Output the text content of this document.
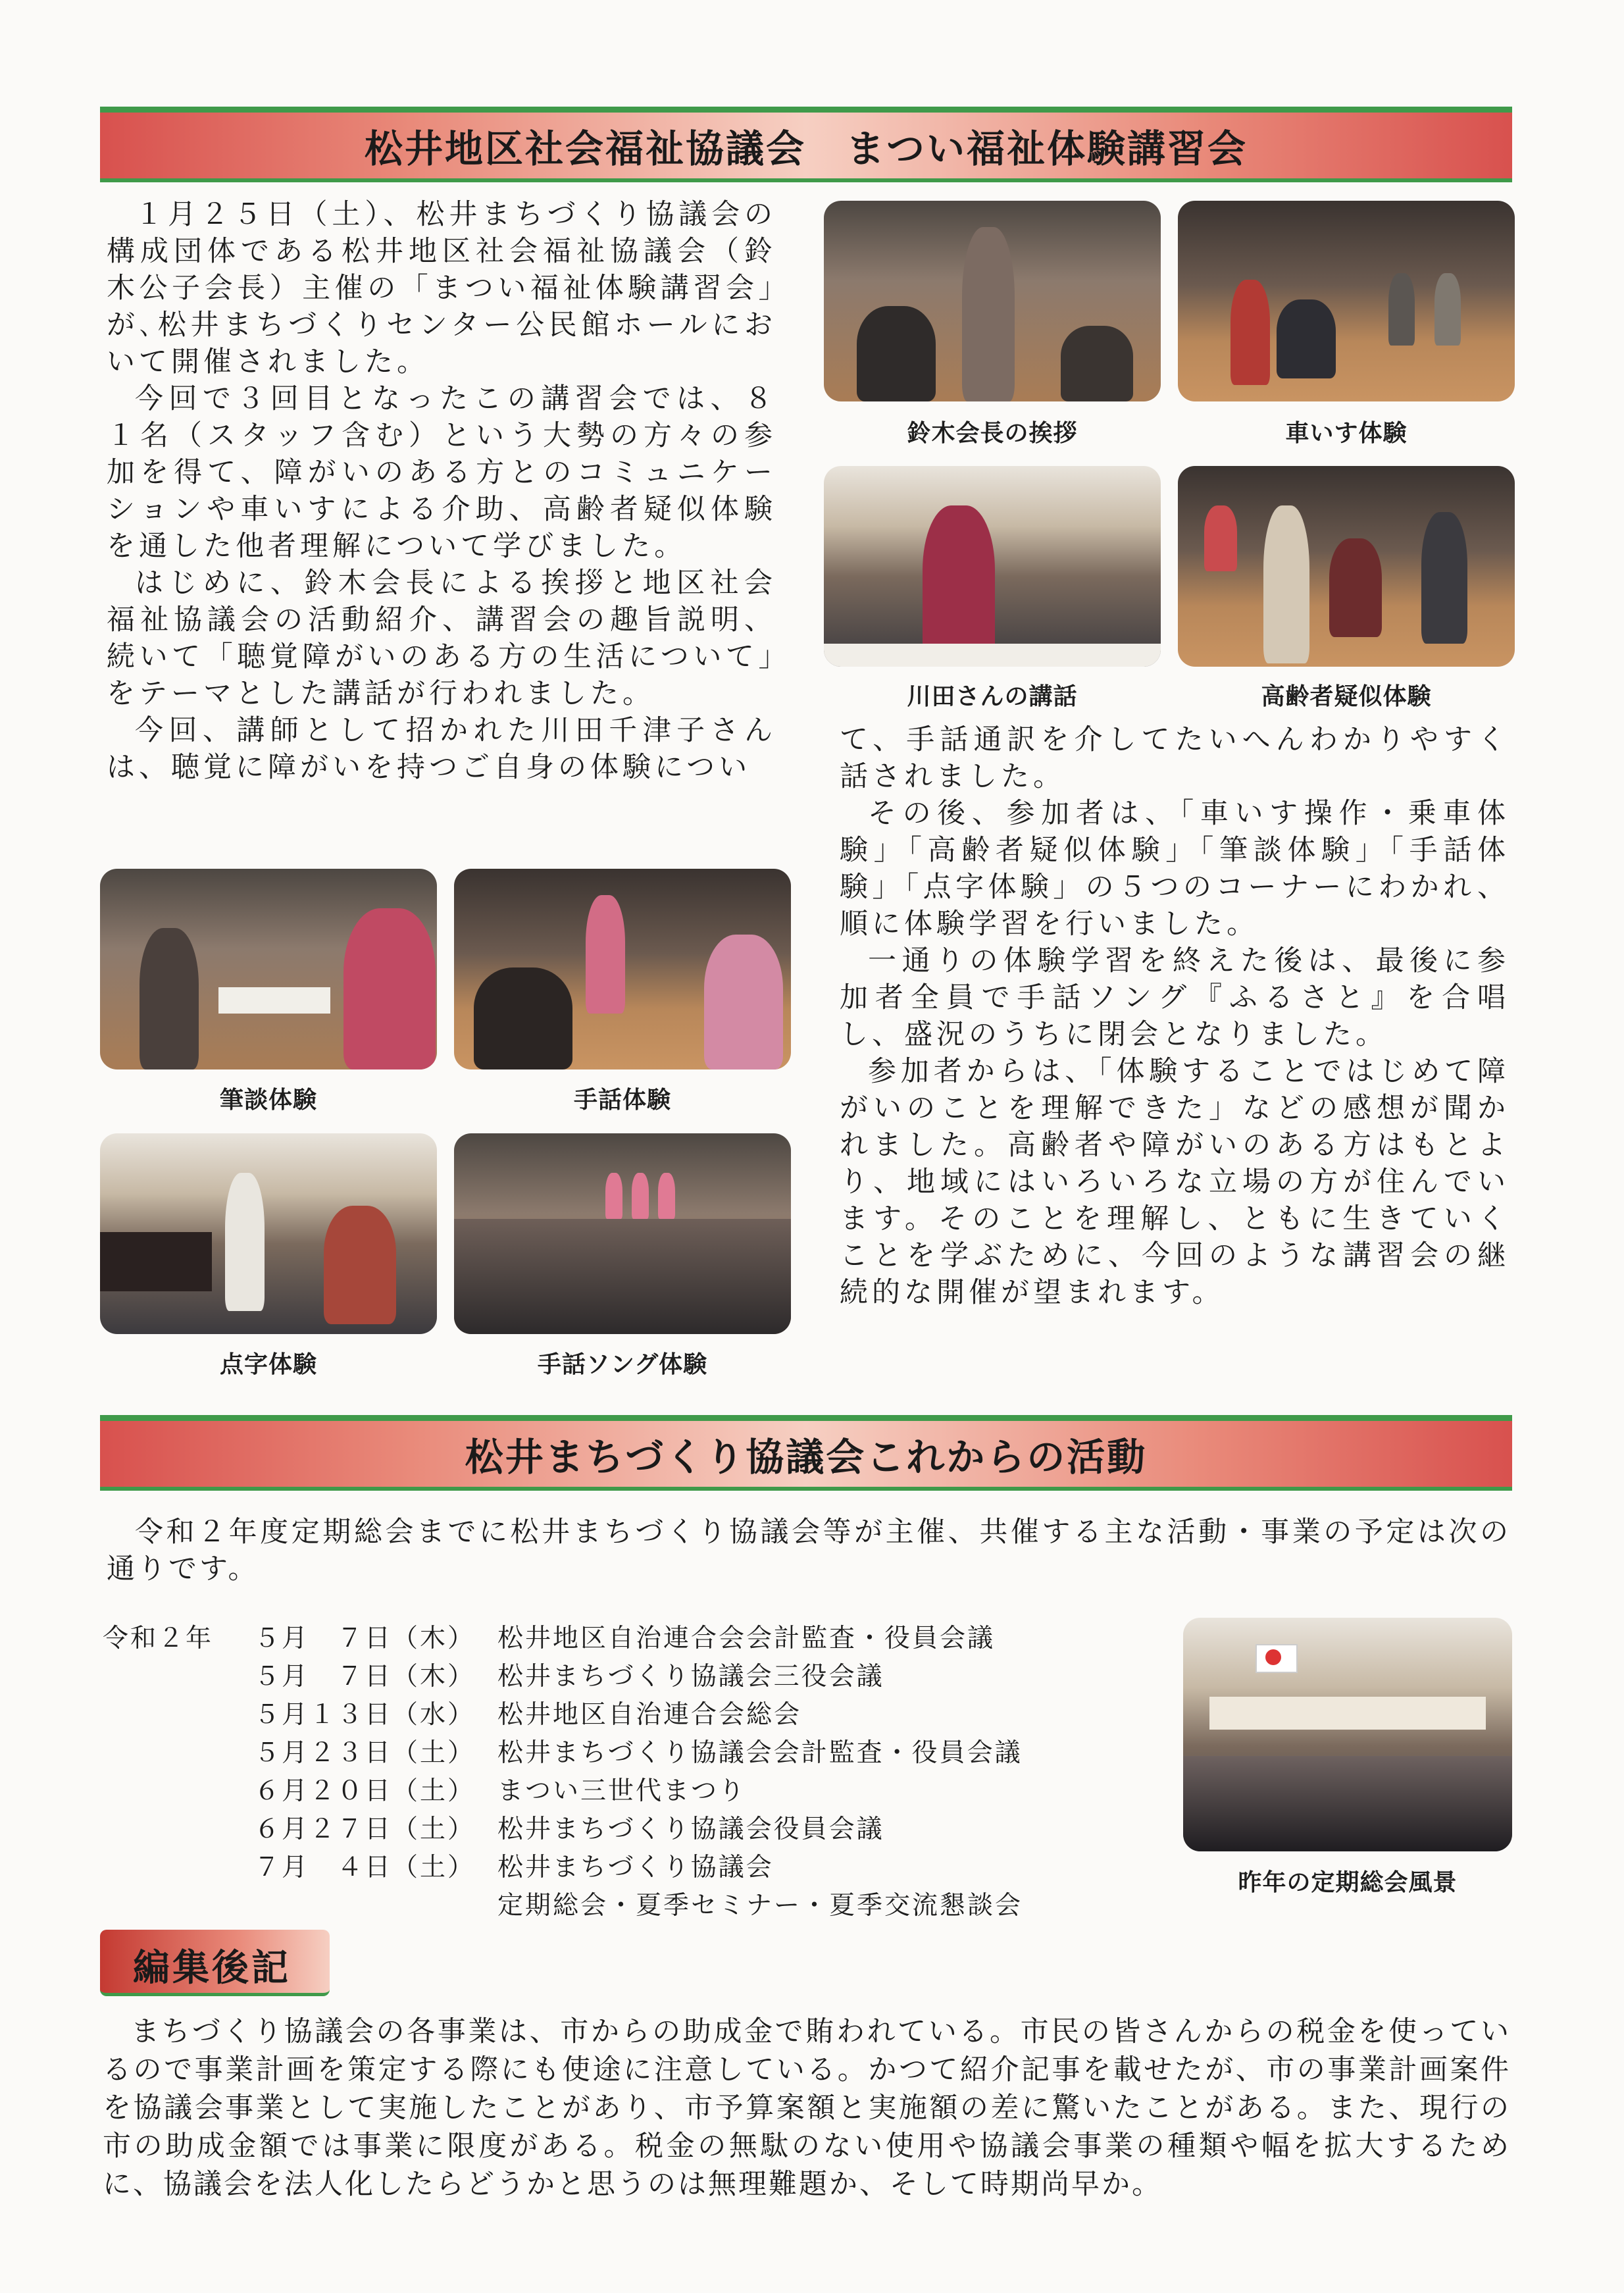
松井地区社会福祉協議会　まつい福祉体験講習会

１月２５日（土）、松井まちづくり協議会の構成団体である松井地区社会福祉協議会（鈴木公子会長）主催の「まつい福祉体験講習会」が､松井まちづくりセンター公民館ホールにおいて開催されました。

今回で３回目となったこの講習会では、８１名（スタッフ含む）という大勢の方々の参加を得て、障がいのある方とのコミュニケーションや車いすによる介助、高齢者疑似体験を通した他者理解について学びました。

はじめに、鈴木会長による挨拶と地区社会福祉協議会の活動紹介、講習会の趣旨説明、続いて「聴覚障がいのある方の生活について」をテーマとした講話が行われました。

今回、講師として招かれた川田千津子さんは、聴覚に障がいを持つご自身の体験につい

鈴木会長の挨拶	車いす体験
川田さんの講話	高齢者疑似体験

て、手話通訳を介してたいへんわかりやすく話されました。

その後、参加者は、「車いす操作・乗車体験」「高齢者疑似体験」「筆談体験」「手話体験」「点字体験」の５つのコーナーにわかれ、順に体験学習を行いました。

一通りの体験学習を終えた後は、最後に参加者全員で手話ソング『ふるさと』を合唱し、盛況のうちに閉会となりました。

参加者からは、「体験することではじめて障がいのことを理解できた」などの感想が聞かれました。高齢者や障がいのある方はもとより、地域にはいろいろな立場の方が住んでいます。そのことを理解し、ともに生きていくことを学ぶために、今回のような講習会の継続的な開催が望まれます。

筆談体験	手話体験
点字体験	手話ソング体験
松井まちづくり協議会これからの活動

令和２年度定期総会までに松井まちづくり協議会等が主催、共催する主な活動・事業の予定は次の通りです。

令和２年 ５月　７日（木） 松井地区自治連合会会計監査・役員会議
５月　７日（木） 松井まちづくり協議会三役会議
５月１３日（水） 松井地区自治連合会総会
５月２３日（土） 松井まちづくり協議会会計監査・役員会議
６月２０日（土） まつい三世代まつり
６月２７日（土） 松井まちづくり協議会役員会議
７月　４日（土） 松井まちづくり協議会
定期総会・夏季セミナー・夏季交流懇談会
昨年の定期総会風景
編集後記

まちづくり協議会の各事業は、市からの助成金で賄われている。市民の皆さんからの税金を使っているので事業計画を策定する際にも使途に注意している。かつて紹介記事を載せたが、市の事業計画案件を協議会事業として実施したことがあり、市予算案額と実施額の差に驚いたことがある。また、現行の市の助成金額では事業に限度がある。税金の無駄のない使用や協議会事業の種類や幅を拡大するために、協議会を法人化したらどうかと思うのは無理難題か、そして時期尚早か。
